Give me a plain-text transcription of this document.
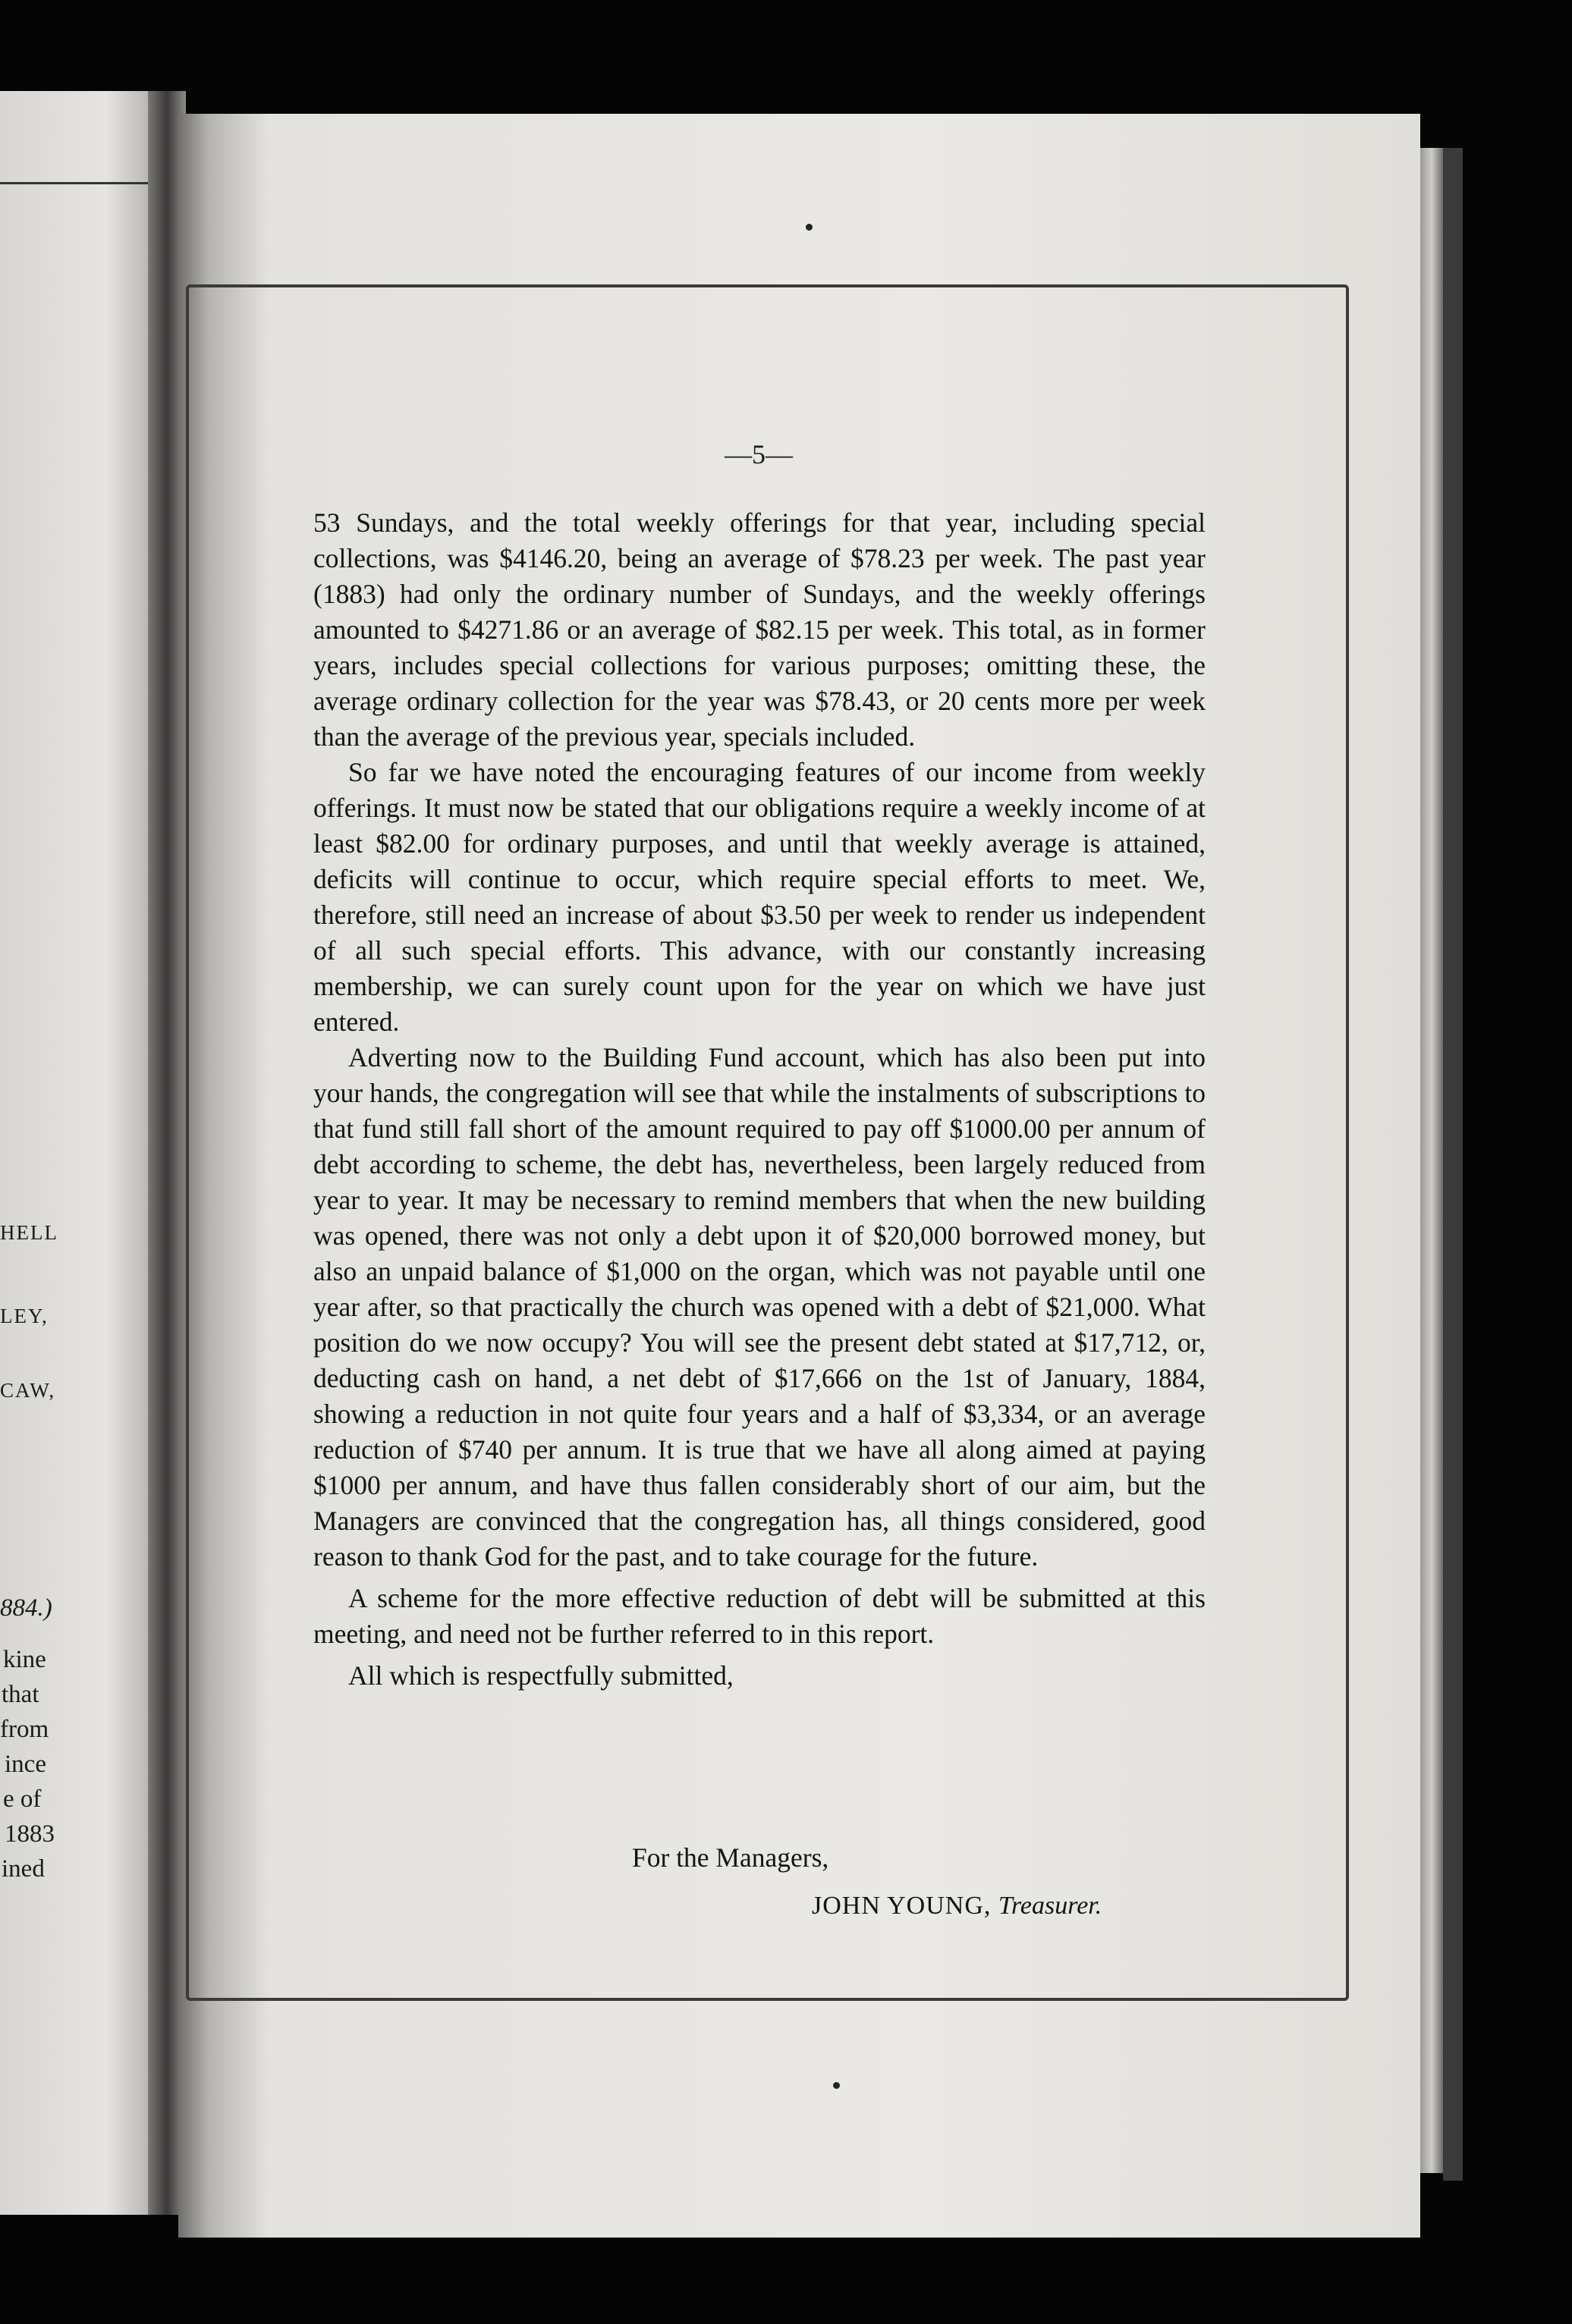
HELL
LEY,
CAW,
884.)
kine
that
from
ince
e of
1883
ined
—5—

53 Sundays, and the total weekly offerings for that year, including special collections, was $4146.20, being an average of $78.23 per week. The past year (1883) had only the ordinary number of Sundays, and the weekly offerings amounted to $4271.86 or an average of $82.15 per week. This total, as in former years, includes special collections for various purposes; omitting these, the average ordinary collection for the year was $78.43, or 20 cents more per week than the average of the previous year, specials included.

So far we have noted the encouraging features of our income from weekly offerings. It must now be stated that our obligations require a weekly income of at least $82.00 for ordinary purposes, and until that weekly average is attained, deficits will continue to occur, which require special efforts to meet. We, therefore, still need an increase of about $3.50 per week to render us independent of all such special efforts. This advance, with our constantly increasing membership, we can surely count upon for the year on which we have just entered.

Adverting now to the Building Fund account, which has also been put into your hands, the congregation will see that while the instalments of subscriptions to that fund still fall short of the amount required to pay off $1000.00 per annum of debt according to scheme, the debt has, nevertheless, been largely reduced from year to year. It may be necessary to remind members that when the new building was opened, there was not only a debt upon it of $20,000 borrowed money, but also an unpaid balance of $1,000 on the organ, which was not payable until one year after, so that practically the church was opened with a debt of $21,000. What position do we now occupy? You will see the present debt stated at $17,712, or, deducting cash on hand, a net debt of $17,666 on the 1st of January, 1884, showing a reduction in not quite four years and a half of $3,334, or an average reduction of $740 per annum. It is true that we have all along aimed at paying $1000 per annum, and have thus fallen considerably short of our aim, but the Managers are convinced that the congregation has, all things considered, good reason to thank God for the past, and to take courage for the future.

A scheme for the more effective reduction of debt will be submitted at this meeting, and need not be further referred to in this report.

All which is respectfully submitted,

For the Managers,
JOHN YOUNG, Treasurer.
